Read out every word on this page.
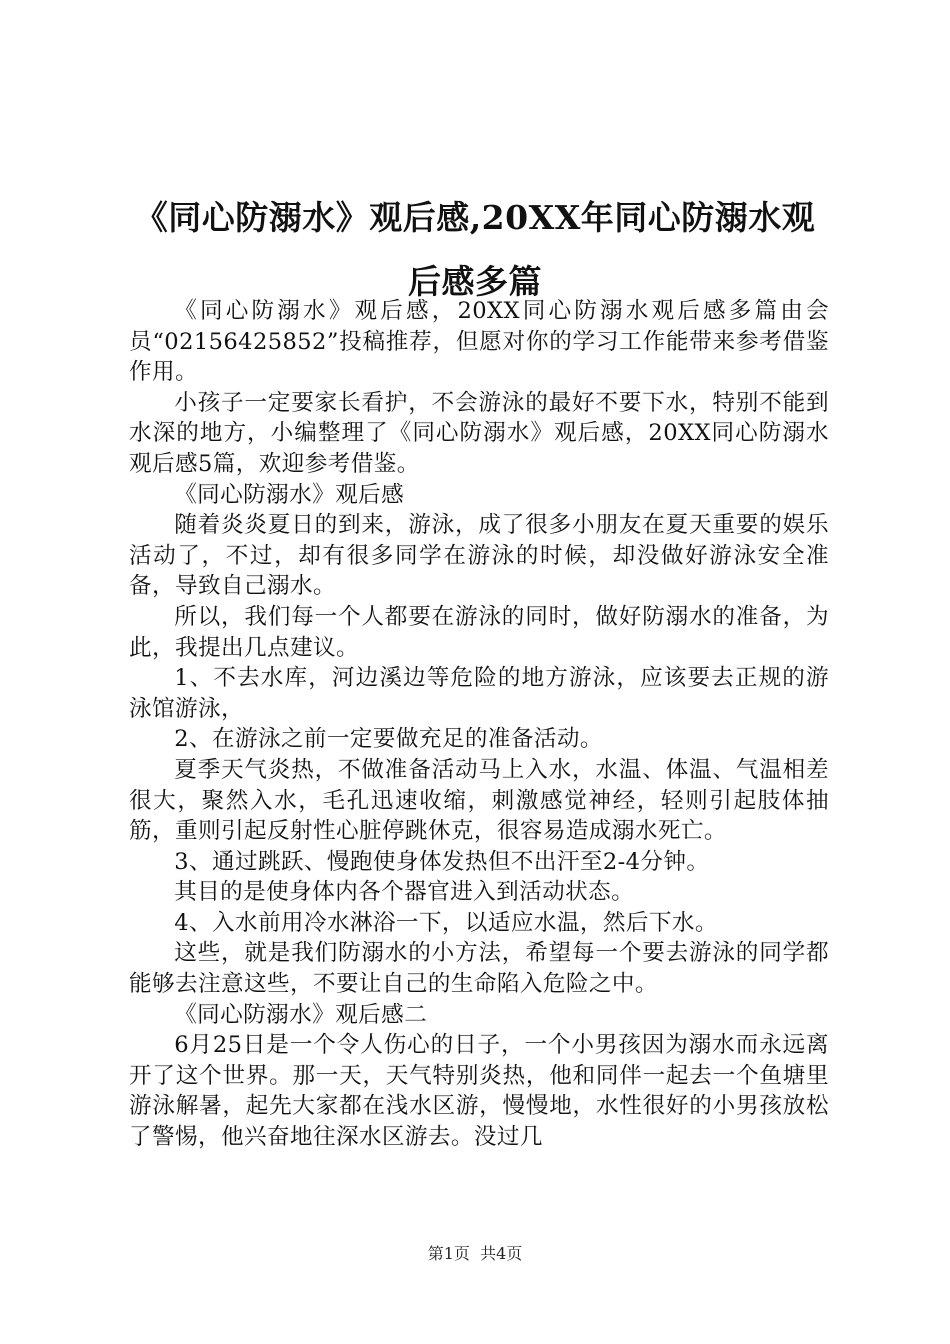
《同心防溺水》观后感,20XX年同心防溺水观后感多篇

《同心防溺水》观后感，20XX同心防溺水观后感多篇由会员“02156425852”投稿推荐，但愿对你的学习工作能带来参考借鉴作用。

小孩子一定要家长看护，不会游泳的最好不要下水，特别不能到水深的地方，小编整理了《同心防溺水》观后感，20XX同心防溺水观后感5篇，欢迎参考借鉴。

《同心防溺水》观后感

随着炎炎夏日的到来，游泳，成了很多小朋友在夏天重要的娱乐活动了，不过，却有很多同学在游泳的时候，却没做好游泳安全准备，导致自己溺水。

所以，我们每一个人都要在游泳的同时，做好防溺水的准备，为此，我提出几点建议。

1、不去水库，河边溪边等危险的地方游泳，应该要去正规的游泳馆游泳，

2、在游泳之前一定要做充足的准备活动。

夏季天气炎热，不做准备活动马上入水，水温、体温、气温相差很大，聚然入水，毛孔迅速收缩，刺激感觉神经，轻则引起肢体抽筋，重则引起反射性心脏停跳休克，很容易造成溺水死亡。

3、通过跳跃、慢跑使身体发热但不出汗至2-4分钟。

其目的是使身体内各个器官进入到活动状态。

4、入水前用冷水淋浴一下，以适应水温，然后下水。

这些，就是我们防溺水的小方法，希望每一个要去游泳的同学都能够去注意这些，不要让自己的生命陷入危险之中。

《同心防溺水》观后感二

6月25日是一个令人伤心的日子，一个小男孩因为溺水而永远离开了这个世界。那一天，天气特别炎热，他和同伴一起去一个鱼塘里游泳解暑，起先大家都在浅水区游，慢慢地，水性很好的小男孩放松了警惕，他兴奋地往深水区游去。没过几

第1页 共4页
